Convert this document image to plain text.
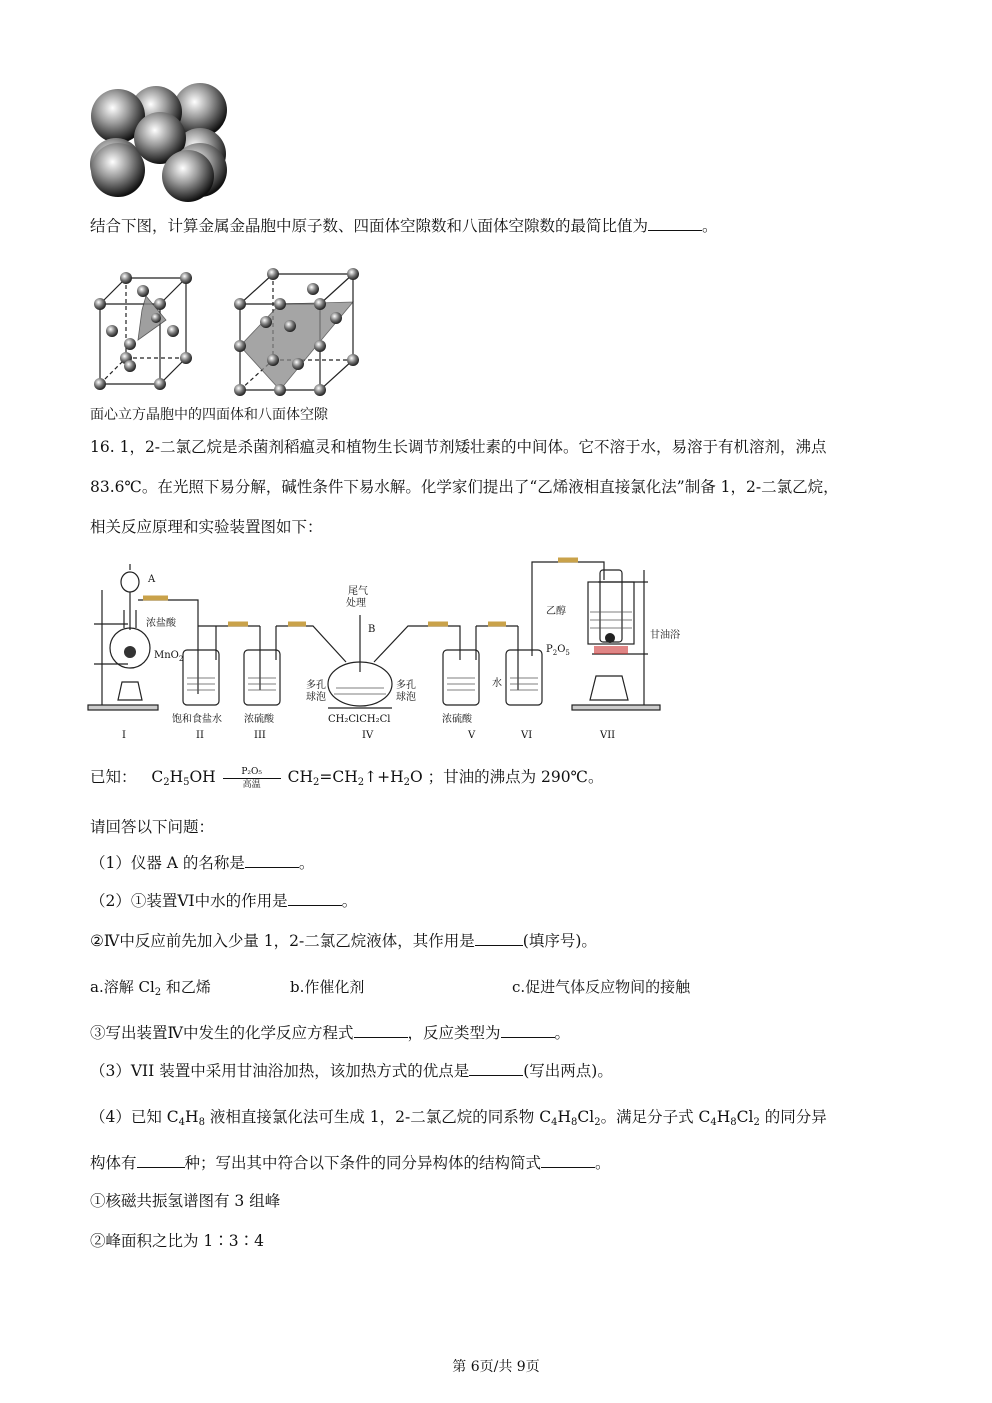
结合下图，计算金属金晶胞中原子数、四面体空隙数和八面体空隙数的最简比值为	。
面心立方晶胞中的四面体和八面体空隙
16. 1，2-二氯乙烷是杀菌剂稻瘟灵和植物生长调节剂矮壮素的中间体。它不溶于水，易溶于有机溶剂，沸点
83.6℃。在光照下易分解，碱性条件下易水解。化学家们提出了“乙烯液相直接氯化法”制备 1，2-二氯乙烷，
相关反应原理和实验装置图如下：
A
浓盐酸
MnO$_2$
尾气
处理
B
多孔
球泡
多孔
球泡
水
乙醇
$P_2O_5$
甘油浴
饱和食盐水 浓硫酸	CH₂ClCH₂Cl	浓硫酸
I	II	III	IV	V	VI	VII
已知： $C_2H_5OH$	P₂O₅
高温	$CH_2=CH_2↑+H_2O$ ；甘油的沸点为 290℃。
请回答以下问题：
（1）仪器 A 的名称是	。
（2）①装置VI中水的作用是	。
②Ⅳ中反应前先加入少量 1，2-二氯乙烷液体，其作用是	(填序号)。
a.溶解 $Cl_2$ 和乙烯	b.作催化剂	c.促进气体反应物间的接触
③写出装置Ⅳ中发生的化学反应方程式	，反应类型为	。
（3）VII 装置中采用甘油浴加热，该加热方式的优点是	(写出两点)。
（4）已知 $C_4H_8$ 液相直接氯化法可生成 1，2-二氯乙烷的同系物 $C_4H_8Cl_2$。满足分子式 $C_4H_8Cl_2$ 的同分异
构体有	种；写出其中符合以下条件的同分异构体的结构简式	。
①核磁共振氢谱图有 3 组峰
②峰面积之比为 1∶3∶4
第 6页/共 9页
